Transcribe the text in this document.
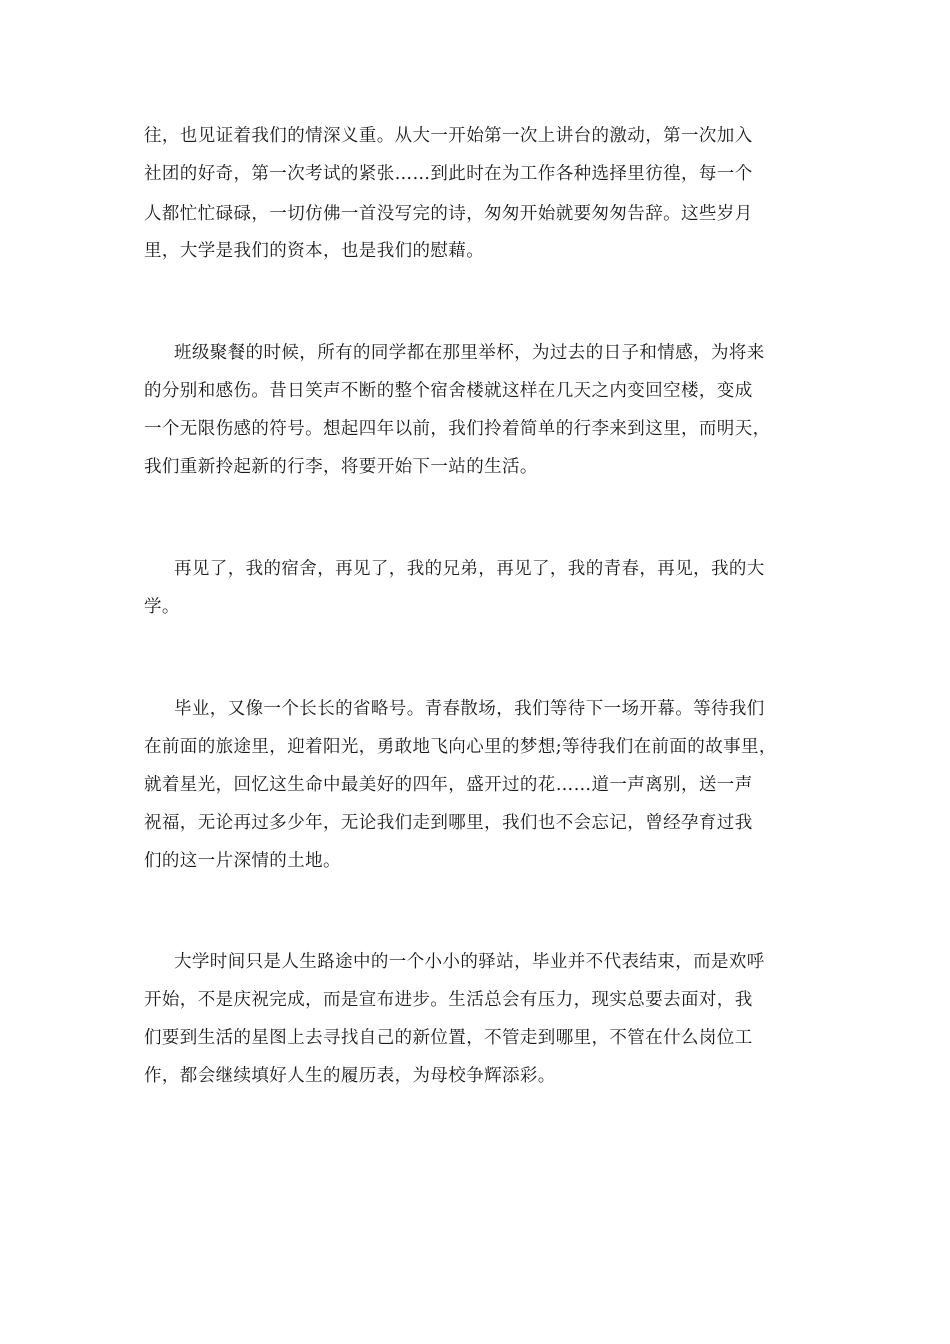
往，也见证着我们的情深义重。从大一开始第一次上讲台的激动，第一次加入
社团的好奇，第一次考试的紧张……到此时在为工作各种选择里彷徨，每一个
人都忙忙碌碌，一切仿佛一首没写完的诗，匆匆开始就要匆匆告辞。这些岁月
里，大学是我们的资本，也是我们的慰藉。
班级聚餐的时候，所有的同学都在那里举杯，为过去的日子和情感，为将来
的分别和感伤。昔日笑声不断的整个宿舍楼就这样在几天之内变回空楼，变成
一个无限伤感的符号。想起四年以前，我们拎着简单的行李来到这里，而明天，
我们重新拎起新的行李，将要开始下一站的生活。
再见了，我的宿舍，再见了，我的兄弟，再见了，我的青春，再见，我的大
学。
毕业，又像一个长长的省略号。青春散场，我们等待下一场开幕。等待我们
在前面的旅途里，迎着阳光，勇敢地飞向心里的梦想;等待我们在前面的故事里，
就着星光，回忆这生命中最美好的四年，盛开过的花……道一声离别，送一声
祝福，无论再过多少年，无论我们走到哪里，我们也不会忘记，曾经孕育过我
们的这一片深情的土地。
大学时间只是人生路途中的一个小小的驿站，毕业并不代表结束，而是欢呼
开始，不是庆祝完成，而是宣布进步。生活总会有压力，现实总要去面对，我
们要到生活的星图上去寻找自己的新位置，不管走到哪里，不管在什么岗位工
作，都会继续填好人生的履历表，为母校争辉添彩。
